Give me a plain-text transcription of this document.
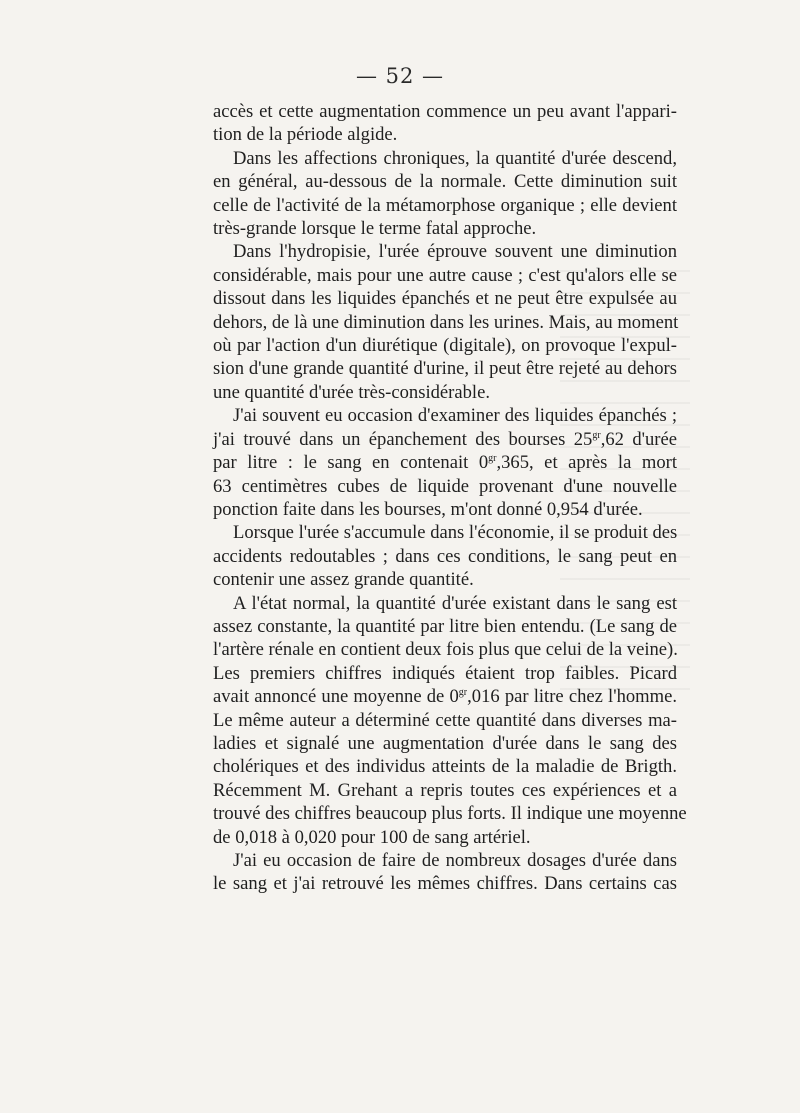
— 52 —
accès et cette augmentation commence un peu avant l'appari-
tion de la période algide.
Dans les affections chroniques, la quantité d'urée descend,
en général, au-dessous de la normale. Cette diminution suit
celle de l'activité de la métamorphose organique ; elle devient
très-grande lorsque le terme fatal approche.
Dans l'hydropisie, l'urée éprouve souvent une diminution
considérable, mais pour une autre cause ; c'est qu'alors elle se
dissout dans les liquides épanchés et ne peut être expulsée au
dehors, de là une diminution dans les urines. Mais, au moment
où par l'action d'un diurétique (digitale), on provoque l'expul-
sion d'une grande quantité d'urine, il peut être rejeté au dehors
une quantité d'urée très-considérable.
J'ai souvent eu occasion d'examiner des liquides épanchés ;
j'ai trouvé dans un épanchement des bourses $25^{gr},62$ d'urée
par litre : le sang en contenait $0^{gr},365$, et après la mort
63 centimètres cubes de liquide provenant d'une nouvelle
ponction faite dans les bourses, m'ont donné 0,954 d'urée.
Lorsque l'urée s'accumule dans l'économie, il se produit des
accidents redoutables ; dans ces conditions, le sang peut en
contenir une assez grande quantité.
A l'état normal, la quantité d'urée existant dans le sang est
assez constante, la quantité par litre bien entendu. (Le sang de
l'artère rénale en contient deux fois plus que celui de la veine).
Les premiers chiffres indiqués étaient trop faibles. Picard
avait annoncé une moyenne de $0^{gr},016$ par litre chez l'homme.
Le même auteur a déterminé cette quantité dans diverses ma-
ladies et signalé une augmentation d'urée dans le sang des
cholériques et des individus atteints de la maladie de Brigth.
Récemment M. Grehant a repris toutes ces expériences et a
trouvé des chiffres beaucoup plus forts. Il indique une moyenne
de 0,018 à 0,020 pour 100 de sang artériel.
J'ai eu occasion de faire de nombreux dosages d'urée dans
le sang et j'ai retrouvé les mêmes chiffres. Dans certains cas
